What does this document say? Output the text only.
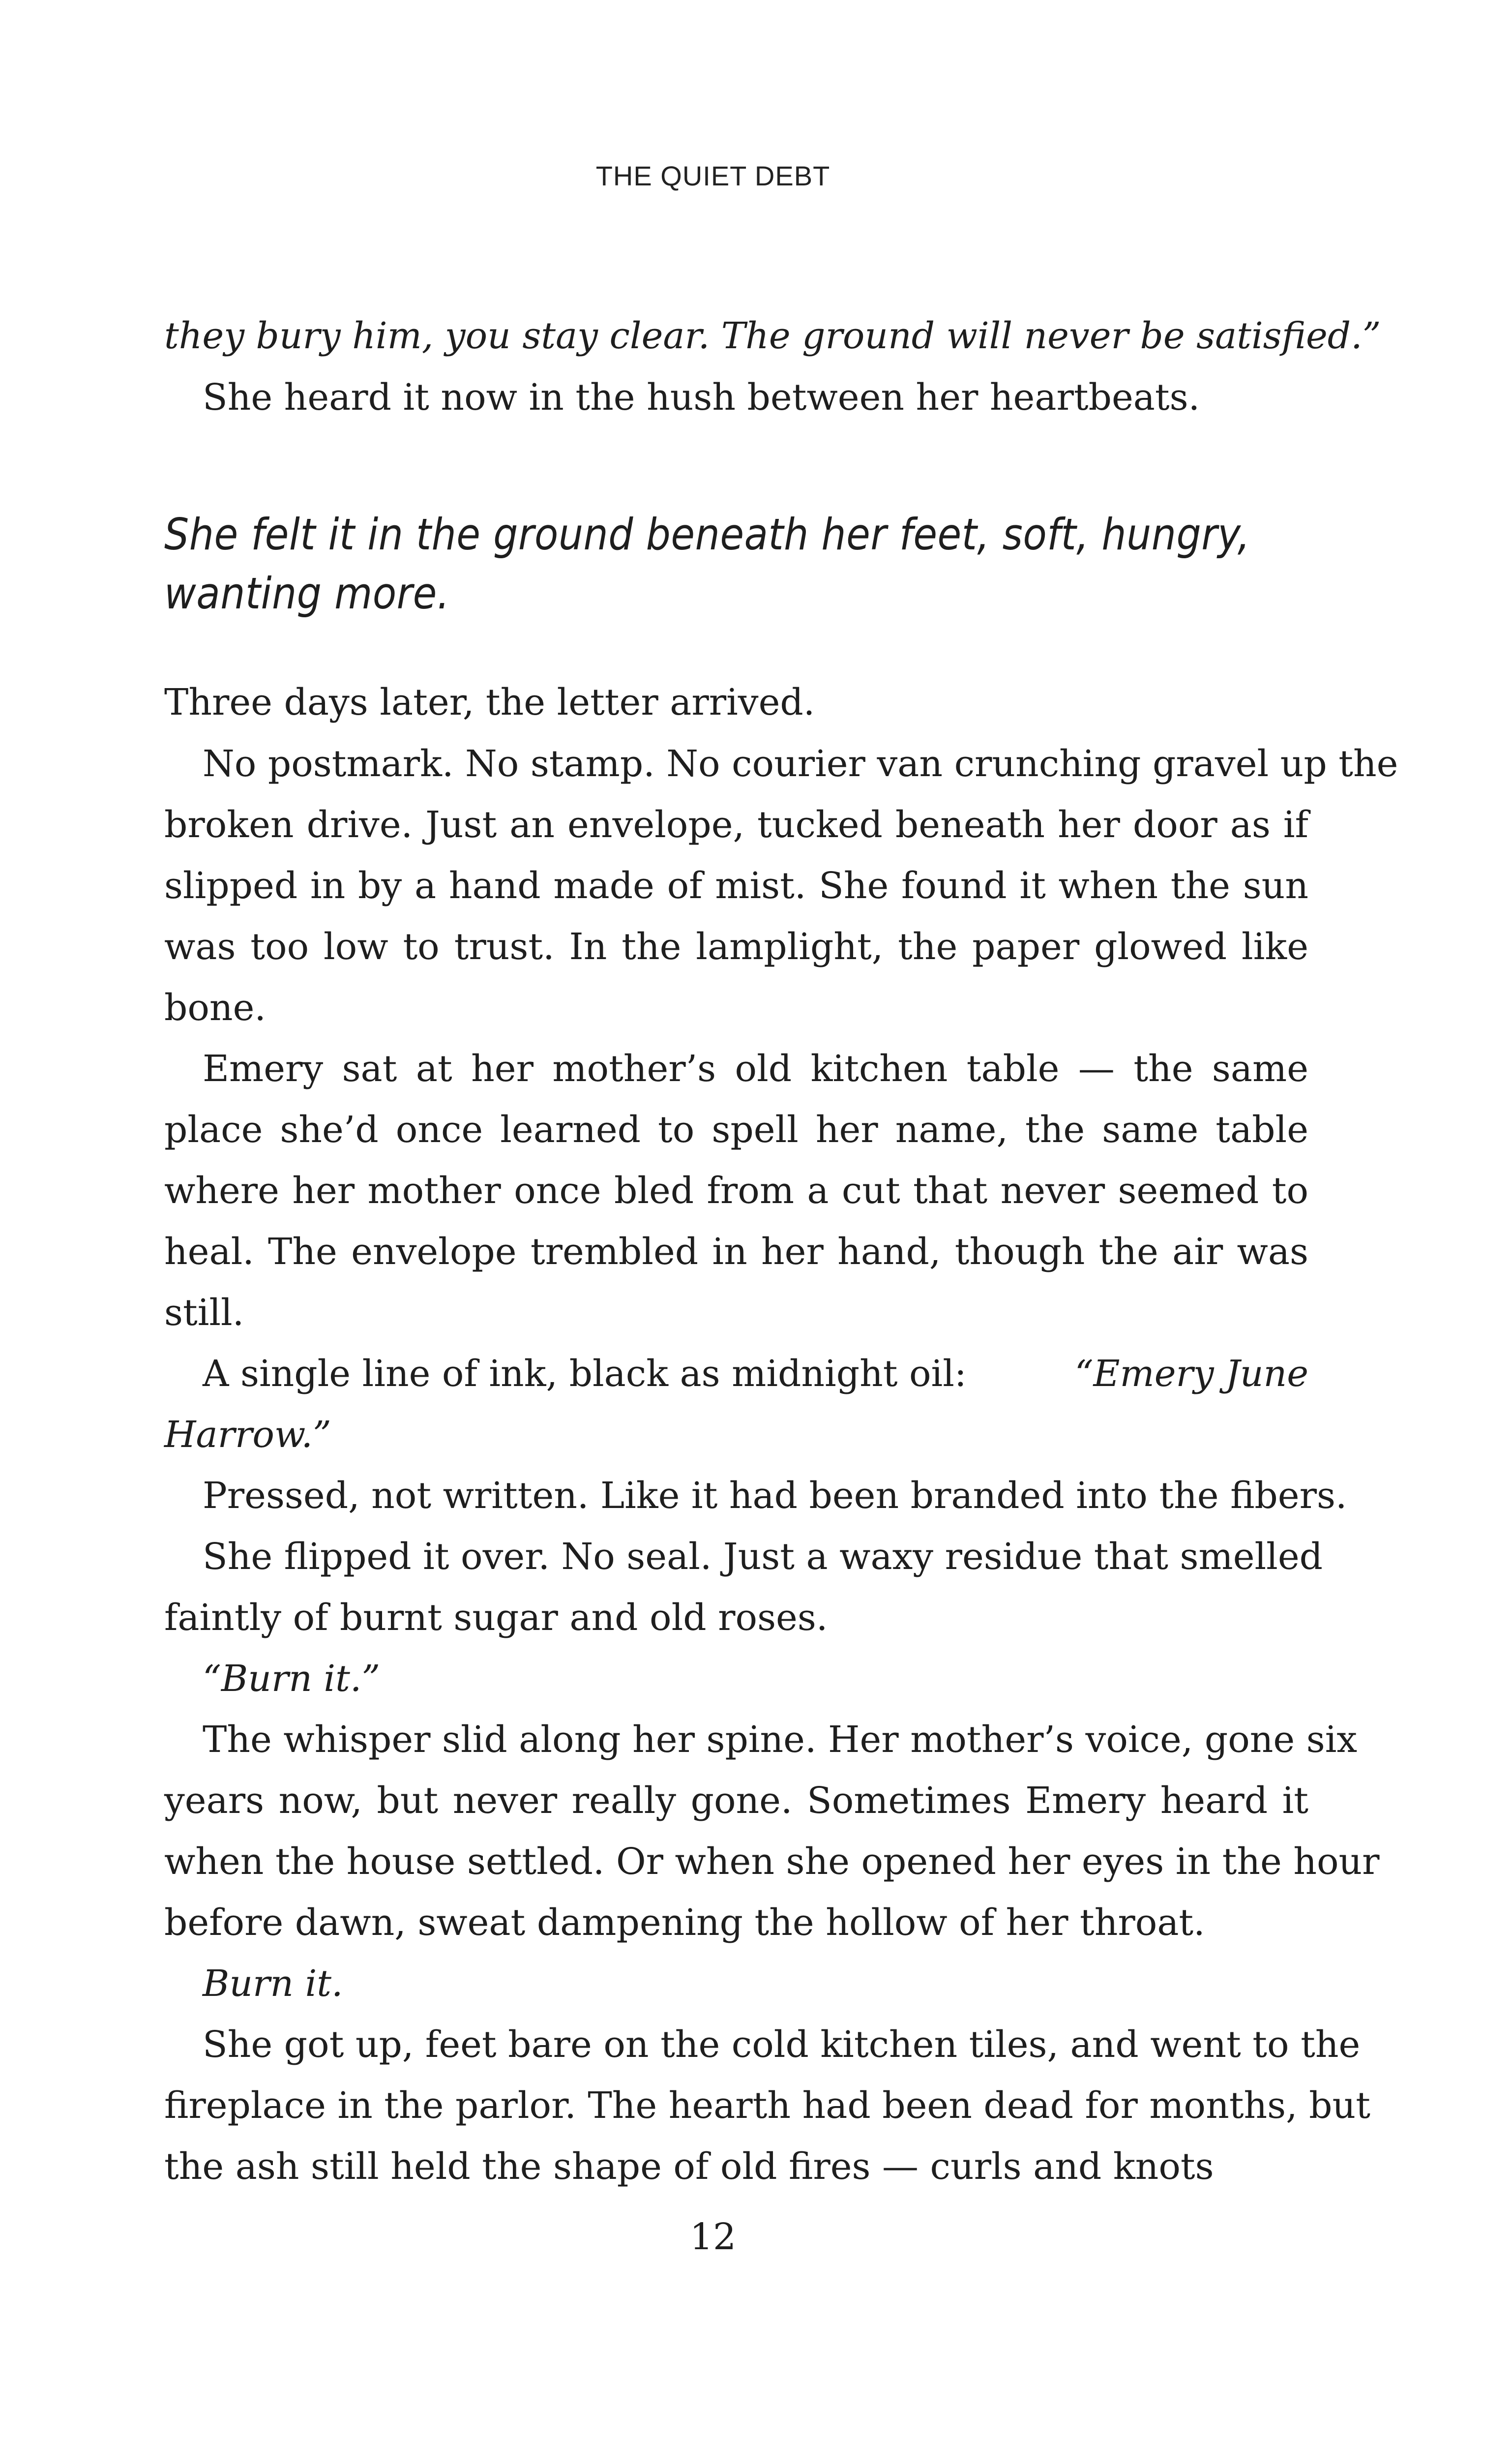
THE QUIET DEBT
they bury him, you stay clear. The ground will never be satisfied.”
She heard it now in the hush between her heartbeats.
She felt it in the ground beneath her feet, soft, hungry,
wanting more.
Three days later, the letter arrived.
No postmark. No stamp. No courier van crunching gravel up the
broken drive. Just an envelope, tucked beneath her door as if
slipped in by a hand made of mist. She found it when the sun
was too low to trust. In the lamplight, the paper glowed like
bone.
Emery sat at her mother’s old kitchen table — the same
place she’d once learned to spell her name, the same table
where her mother once bled from a cut that never seemed to
heal. The envelope trembled in her hand, though the air was
still.
A single line of ink, black as midnight oil:	“Emery June
Harrow.”
Pressed, not written. Like it had been branded into the fibers.
She flipped it over. No seal. Just a waxy residue that smelled
faintly of burnt sugar and old roses.
“Burn it.”
The whisper slid along her spine. Her mother’s voice, gone six
years now, but never really gone. Sometimes Emery heard it
when the house settled. Or when she opened her eyes in the hour
before dawn, sweat dampening the hollow of her throat.
Burn it.
She got up, feet bare on the cold kitchen tiles, and went to the
fireplace in the parlor. The hearth had been dead for months, but
the ash still held the shape of old fires — curls and knots
12
